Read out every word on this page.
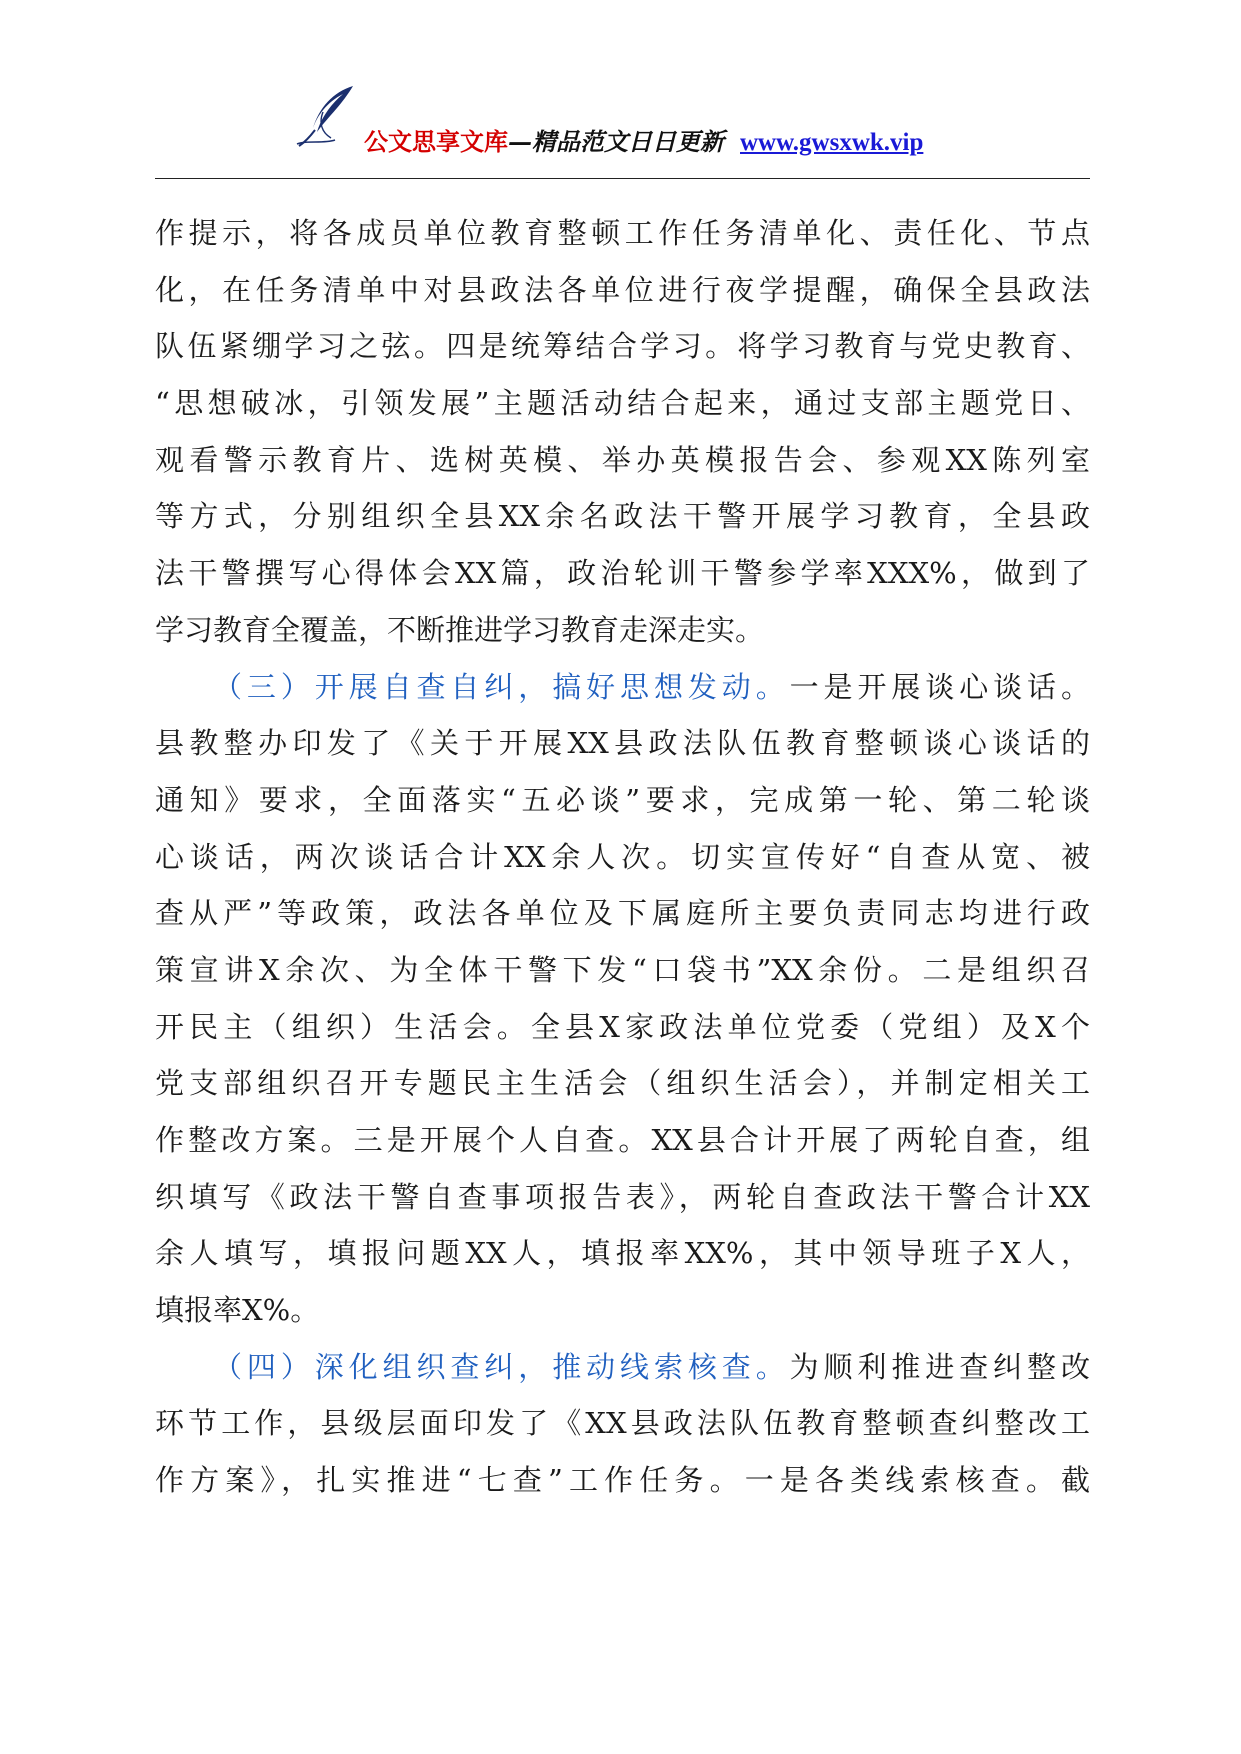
公文思享文库—精品范文日日更新 www.gwsxwk.vip
作提示，将各成员单位教育整顿工作任务清单化、责任化、节点
化，在任务清单中对县政法各单位进行夜学提醒，确保全县政法
队伍紧绷学习之弦。四是统筹结合学习。将学习教育与党史教育、
“思想破冰，引领发展”主题活动结合起来，通过支部主题党日、
观看警示教育片、选树英模、举办英模报告会、参观XX陈列室
等方式，分别组织全县XX余名政法干警开展学习教育，全县政
法干警撰写心得体会XX篇，政治轮训干警参学率XXX%，做到了
学习教育全覆盖，不断推进学习教育走深走实。
（三）开展自查自纠，搞好思想发动。一是开展谈心谈话。
县教整办印发了《关于开展XX县政法队伍教育整顿谈心谈话的
通知》要求，全面落实“五必谈”要求，完成第一轮、第二轮谈
心谈话，两次谈话合计XX余人次。切实宣传好“自查从宽、被
查从严”等政策，政法各单位及下属庭所主要负责同志均进行政
策宣讲X余次、为全体干警下发“口袋书”XX余份。二是组织召
开民主（组织）生活会。全县X家政法单位党委（党组）及X个
党支部组织召开专题民主生活会（组织生活会），并制定相关工
作整改方案。三是开展个人自查。XX县合计开展了两轮自查，组
织填写《政法干警自查事项报告表》，两轮自查政法干警合计XX
余人填写，填报问题XX人，填报率XX%，其中领导班子X人，
填报率X%。
（四）深化组织查纠，推动线索核查。为顺利推进查纠整改
环节工作，县级层面印发了《XX县政法队伍教育整顿查纠整改工
作方案》，扎实推进“七查”工作任务。一是各类线索核查。截
